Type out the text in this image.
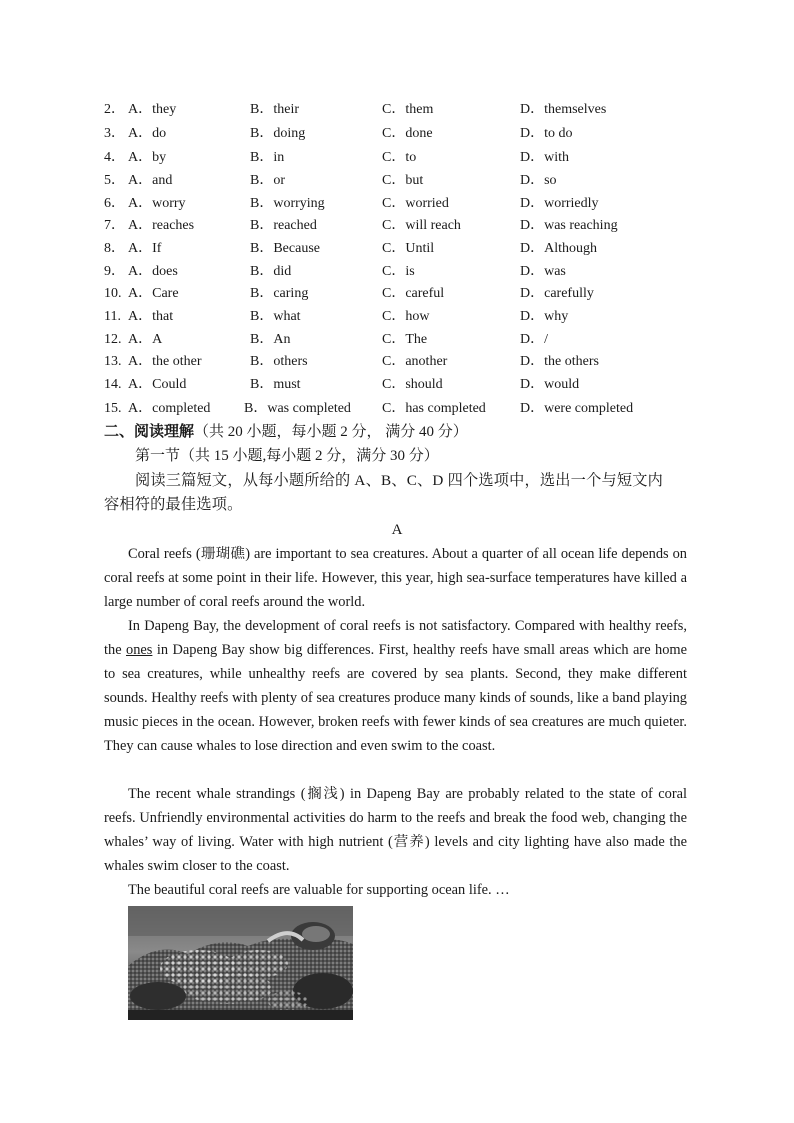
2． A．they	B．their	C．them	D．themselves
3． A．do	B．doing	C．done	D．to do
4． A．by	B．in	C．to	D．with
5． A．and	B．or	C．but	D．so
6． A．worry	B．worrying	C．worried	D．worriedly
7． A．reaches	B．reached	C．will reach	D．was reaching
8． A．If	B．Because	C．Until	D．Although
9． A．does	B．did	C．is	D．was
10. A．Care	B．caring	C．careful	D．carefully
11. A．that	B．what	C．how	D．why
12. A．A	B．An	C．The	D．/
13. A．the other	B．others	C．another	D．the others
14. A．Could	B．must	C．should	D．would
15. A．completed B．was completed C．has completed D．were completed
二、阅读理解（共 20 小题，每小题 2 分， 满分 40 分）
第一节（共 15 小题,每小题 2 分，满分 30 分）
阅读三篇短文，从每小题所给的 A、B、C、D 四个选项中，选出一个与短文内
容相符的最佳选项。
A
Coral reefs (珊瑚礁) are important to sea creatures. About a quarter of all ocean life depends on coral reefs at some point in their life. However, this year, high sea-surface temperatures have killed a large number of coral reefs around the world.
In Dapeng Bay, the development of coral reefs is not satisfactory. Compared with healthy reefs, the ones in Dapeng Bay show big differences. First, healthy reefs have small areas which are home to sea creatures, while unhealthy reefs are covered by sea plants. Second, they make different sounds. Healthy reefs with plenty of sea creatures produce many kinds of sounds, like a band playing music pieces in the ocean. However, broken reefs with fewer kinds of sea creatures are much quieter. They can cause whales to lose direction and even swim to the coast.
The recent whale strandings (搁浅) in Dapeng Bay are probably related to the state of coral reefs. Unfriendly environmental activities do harm to the reefs and break the food web, changing the whales’ way of living. Water with high nutrient (营养) levels and city lighting have also made the whales swim closer to the coast.
The beautiful coral reefs are valuable for supporting ocean life. …
